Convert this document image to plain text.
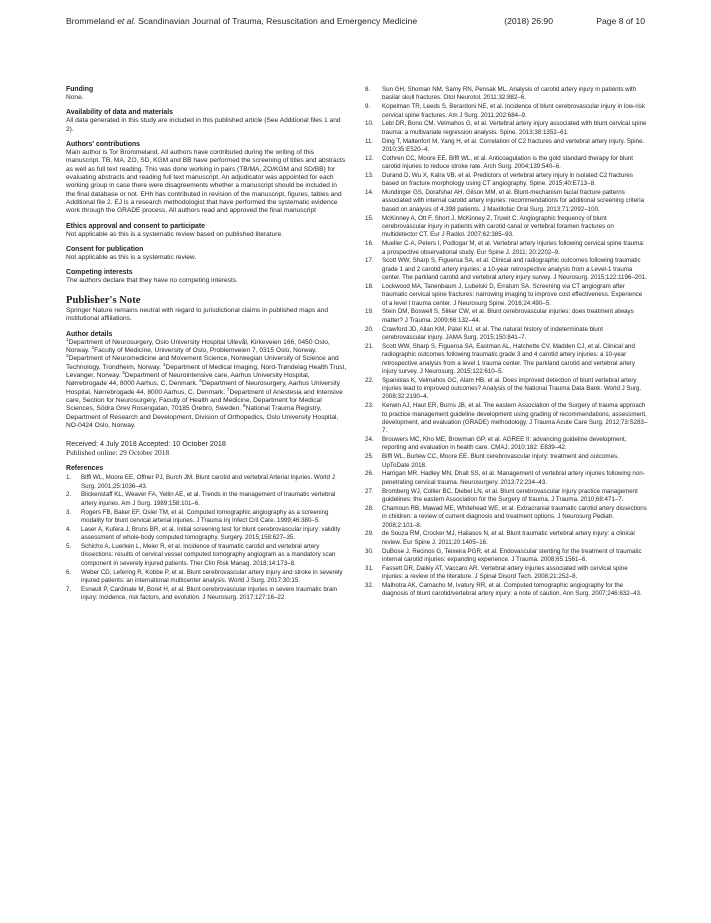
Brommeland et al. Scandinavian Journal of Trauma, Resuscitation and Emergency Medicine	(2018) 26:90	Page 8 of 10

Funding

None.

Availability of data and materials

All data generated in this study are included in this published article (See Additional files 1 and 2).

Authors' contributions

Main author is Tor Brommeland. All authors have contributed during the writing of this manuscript. TB, MA, ZO, SD, KGM and BB have performed the screening of titles and abstracts as well as full text reading. This was done working in pairs (TB/MA, ZO/KGM and SD/BB) for evaluating abstracts and reading full text manuscript. An adjudicator was appointed for each working group in case there were disagreements whether a manuscript should be included in the final database or not. EHh has contributed in revision of the manuscript, figures, tables and Additional file 2. EJ is a research methodologist that have performed the systematic evidence work through the GRADE process. All authors read and approved the final manuscript

Ethics approval and consent to participate

Not applicable as this is a systematic review based on published literature.

Consent for publication

Not applicable as this is a systematic review.

Competing interests

The authors declare that they have no competing interests.

Publisher's Note

Springer Nature remains neutral with regard to jurisdictional claims in published maps and institutional affiliations.

Author details

$^1$Department of Neurosurgery, Oslo University Hospital Ullevål, Kirkeveien 166, 0450 Oslo, Norway. $^2$Faculty of Medicine, University of Oslo, Problemveien 7, 0315 Oslo, Norway. $^3$Department of Neuromedicine and Movement Science, Norwegian University of Science and Technology, Trondheim, Norway. $^4$Department of Medical Imaging, Nord-Trøndelag Health Trust, Levanger, Norway. $^5$Department of Neurointensive care, Aarhus University Hospital, Nørrebrogade 44, 8000 Aarhus, C, Denmark. $^6$Department of Neurosurgery, Aarhus University Hospital, Nørrebrogade 44, 8000 Aarhus, C, Denmark. $^7$Department of Anestesia and Intensive care, Section for Neurosurgery, Faculty of Health and Medicine, Department for Medical Sciences, Södra Grev Rosengatan, 70185 Örebro, Sweden. $^8$National Trauma Registry, Department of Research and Development, Division of Orthopedics, Oslo University Hospital, NO-0424 Oslo, Norway.

Received: 4 July 2018 Accepted: 10 October 2018
Published online: 29 October 2018

References

1.	Biffl WL, Moore EE, Offner PJ, Burch JM. Blunt carotid and vertebral Arterial Injuries. World J Surg. 2001;25:1036–43.
2.	Blickenstaff KL, Weaver FA, Yellin AE, et al. Trends in the management of traumatic vertebral artery injuries. Am J Surg. 1989;158:101–6.
3.	Rogers FB, Baker EF, Osler TM, et al. Computed tomographic angiography as a screening modality for blunt cervical arterial injuries. J Trauma Inj Infect Crit Care. 1999;46:380–5.
4.	Laser A, Kufera J, Bruns BR, et al. Initial screening test for blunt cerebrovascular injury: validity assessment of whole-body computed tomography. Surgery. 2015;158:627–35.
5.	Schicho A, Luerken L, Meier R, et al. Incidence of traumatic carotid and vertebral artery dissections: results of cervical vessel computed tomography angiogram as a mandatory scan component in severely injured patients. Ther Clin Risk Manag. 2018;14:173–8.
6.	Weber CD, Lefering R, Kobbe P, et al. Blunt cerebrovascular artery injury and stroke in severely injured patients: an international multicenter analysis. World J Surg. 2017;30:15.
7.	Esnault P, Cardinale M, Boret H, et al. Blunt cerebrovascular injuries in severe traumatic brain injury: incidence, risk factors, and evolution. J Neurosurg. 2017;127:16–22.
8.	Sun GH, Shoman NM, Samy RN, Pensak ML. Analysis of carotid artery injury in patients with basilar skull fractures. Otol Neurotol. 2011;32:882–6.
9.	Kopelman TR, Leeds S, Berardoni NE, et al. Incidence of blunt cerebrovascular injury in low-risk cervical spine fractures. Am J Surg. 2011;202:684–9.
10.	Lebl DR, Bono CM, Velmahos G, et al. Vertebral artery injury associated with blunt cervical spine trauma: a multivariate regression analysis. Spine. 2013;38:1352–61.
11.	Ding T, Maltenfort M, Yang H, et al. Correlation of C2 fractures and vertebral artery injury. Spine. 2010;35:E520–4.
12.	Cothren CC, Moore EE, Biffl WL, et al. Anticoagulation is the gold standard therapy for blunt carotid injuries to reduce stroke rate. Arch Surg. 2004;139:540–6.
13.	Durand D, Wu X, Kalra VB, et al. Predictors of vertebral artery injury in isolated C2 fractures based on fracture morphology using CT angiography. Spine. 2015;40:E713–8.
14.	Mundinger GS, Dorafshar AH, Gilson MM, et al. Blunt-mechanism facial fracture patterns associated with internal carotid artery injuries: recommendations for additional screening criteria based on analysis of 4,398 patients. J Maxillofac Oral Surg. 2013;71:2092–100.
15.	McKinney A, Ott F, Short J, McKinney Z, Truwit C. Angiographic frequency of blunt cerebrovascular injury in patients with carotid canal or vertebral foramen fractures on multidetector CT. Eur J Radiol. 2007;62:385–93.
16.	Mueller C-A, Peters I, Podlogar M, et al. Vertebral artery injuries following cervical spine trauma: a prospective observational study. Eur Spine J. 2011; 20:2202–9.
17.	Scott WW, Sharp S, Figueroa SA, et al. Clinical and radiographic outcomes following traumatic grade 1 and 2 carotid artery injuries: a 10-year retrospective analysis from a Level-1 trauma center. The parkland carotid and vertebral artery injury survey. J Neurosurg. 2015;122:1196–201.
18.	Lockwood MA, Tanenbaum J, Lubelski D, Erratum SA. Screening via CT angiogram after traumatic cervical spine fractures: narrowing imaging to improve cost effectiveness. Experience of a level I trauma center. J Neurosurg Spine. 2016;24:490–5.
19.	Stein DM, Boswell S, Sliker CW, et al. Blunt cerebrovascular injuries: does treatment always matter? J Trauma. 2009;66:132–44.
20.	Crawford JD, Allan KM, Patel KU, et al. The natural history of indeterminate blunt cerebrovascular injury. JAMA Surg. 2015;150:841–7.
21.	Scott WW, Sharp S, Figueroa SA, Eastman AL, Hatchette CV, Madden CJ, et al. Clinical and radiographic outcomes following traumatic grade 3 and 4 carotid artery injuries: a 10-year retrospective analysis from a level 1 trauma center. The parkland carotid and vertebral artery injury survey. J Neurosurg. 2015;122:610–5.
22.	Spaniolas K, Velmahos GC, Alam HB, et al. Does improved detection of blunt vertebral artery injuries lead to improved outcomes? Analysis of the National Trauma Data Bank. World J Surg. 2008;32:2190–4.
23.	Kerwin AJ, Haut ER, Burns JB, et al. The eastern Association of the Surgery of trauma approach to practice management guideline development using grading of recommendations, assessment, development, and evaluation (GRADE) methodology. J Trauma Acute Care Surg. 2012;73:S283–7.
24.	Brouwers MC, Kho ME, Browman GP, et al. AGREE II: advancing guideline development, reporting and evaluation in health care. CMAJ. 2010;182: E839–42.
25.	Biffl WL, Burlew CC, Moore EE. Blunt cerebrovascular injury: treatment and outcomes. UpToDate 2018.
26.	Harrigan MR, Hadley MN, Dhall SS, et al. Management of vertebral artery injuries following non-penetrating cervical trauma. Neurosurgery. 2013;72:234–43.
27.	Bromberg WJ, Collier BC, Diebel LN, et al. Blunt cerebrovascular injury practice management guidelines: the eastern Association for the Surgery of trauma. J Trauma. 2010;68:471–7.
28.	Chamoun RB, Mawad ME, Whitehead WE, et al. Extracranial traumatic carotid artery dissections in children: a review of current diagnosis and treatment options. J Neurosurg Pediatr. 2008;2:101–8.
29.	de Souza RM, Crocker MJ, Haliasos N, et al. Blunt traumatic vertebral artery injury: a clinical review. Eur Spine J. 2011;20:1405–16.
30.	DuBose J, Recinos G, Teixeira PGR, et al. Endovascular stenting for the treatment of traumatic internal carotid injuries: expanding experience. J Trauma. 2008;65:1561–6.
31.	Fassett DR, Dailey AT, Vaccaro AR. Vertebral artery injuries associated with cervical spine injuries: a review of the literature. J Spinal Disord Tech. 2008;21:252–8.
32.	Malhotra AK, Camacho M, Ivatury RR, et al. Computed tomographic angiography for the diagnosis of blunt carotid/vertebral artery injury: a note of caution. Ann Surg. 2007;246:632–43.
